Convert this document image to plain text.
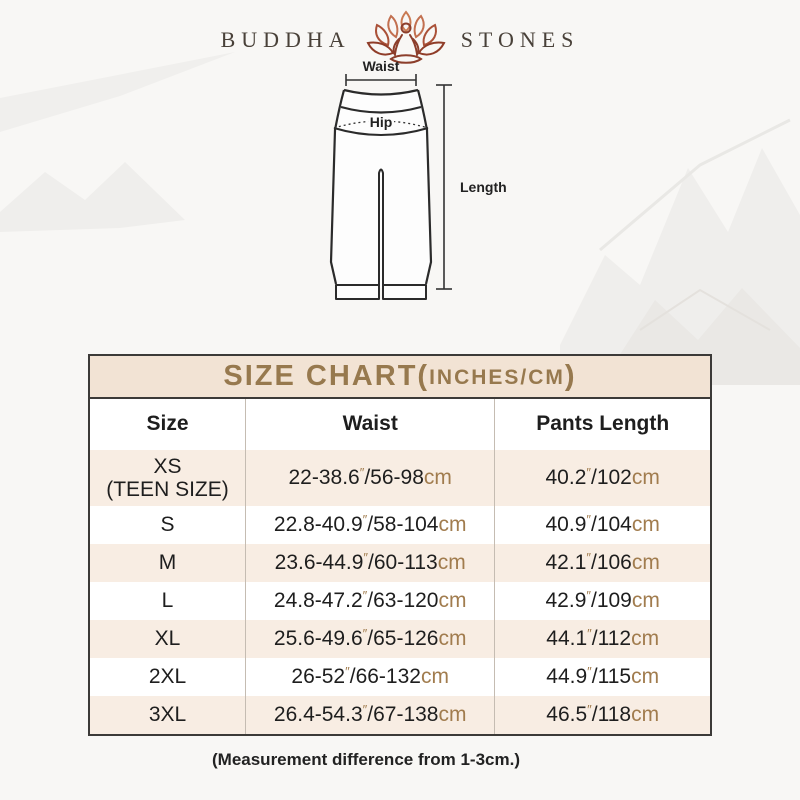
BUDDHA	STONES
Waist
Hip
Length
SIZE CHART( INCHES/CM )
Size	Waist	Pants Length
XS
(TEEN SIZE)
22-38.6″/56-98cm	40.2″/102cm
S	22.8-40.9″/58-104cm	40.9″/104cm
M	23.6-44.9″/60-113cm	42.1″/106cm
L	24.8-47.2″/63-120cm	42.9″/109cm
XL	25.6-49.6″/65-126cm	44.1″/112cm
2XL	26-52″/66-132cm	44.9″/115cm
3XL	26.4-54.3″/67-138cm	46.5″/118cm
(Measurement difference from 1-3cm.)
